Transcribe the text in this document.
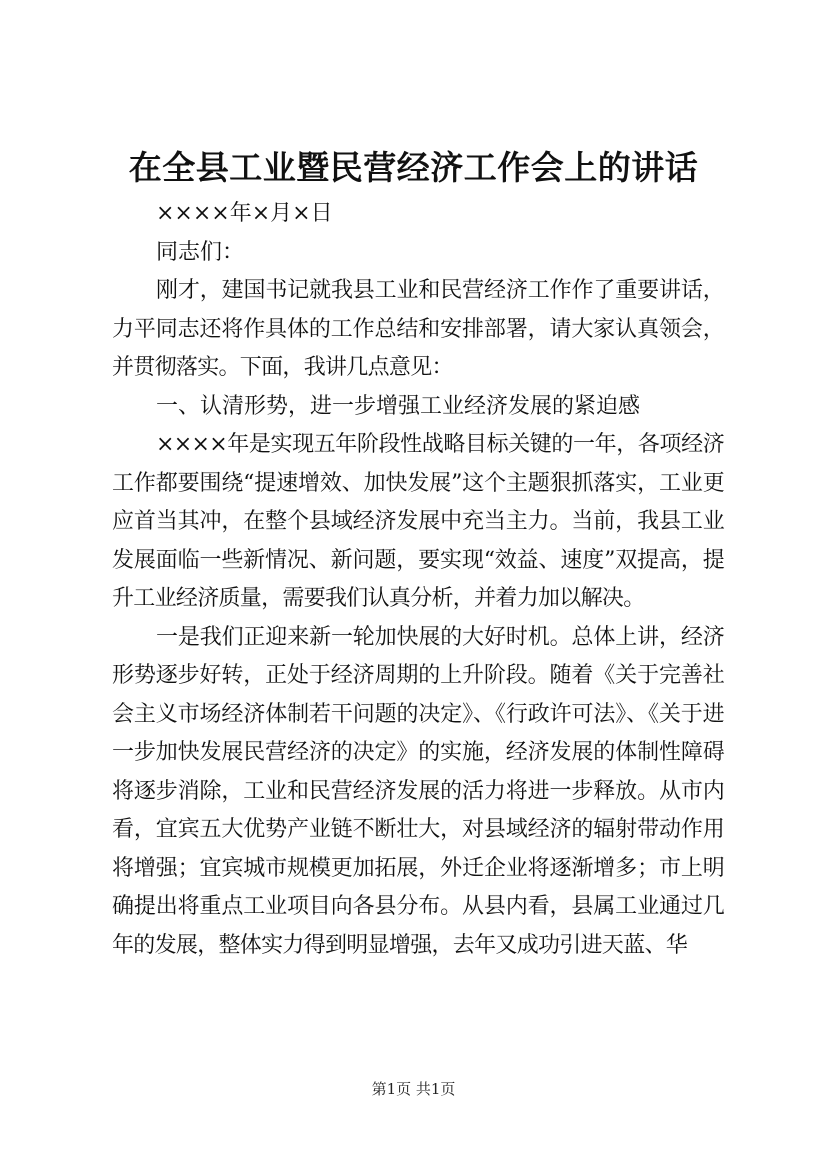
在全县工业暨民营经济工作会上的讲话

××××年×月×日

同志们：

刚才，建国书记就我县工业和民营经济工作作了重要讲话，力平同志还将作具体的工作总结和安排部署，请大家认真领会，并贯彻落实。下面，我讲几点意见：

一、认清形势，进一步增强工业经济发展的紧迫感

××××年是实现五年阶段性战略目标关键的一年，各项经济工作都要围绕“提速增效、加快发展”这个主题狠抓落实，工业更应首当其冲，在整个县域经济发展中充当主力。当前，我县工业发展面临一些新情况、新问题，要实现“效益、速度”双提高，提升工业经济质量，需要我们认真分析，并着力加以解决。

一是我们正迎来新一轮加快展的大好时机。总体上讲，经济形势逐步好转，正处于经济周期的上升阶段。随着《关于完善社会主义市场经济体制若干问题的决定》、《行政许可法》、《关于进一步加快发展民营经济的决定》的实施，经济发展的体制性障碍将逐步消除，工业和民营经济发展的活力将进一步释放。从市内看，宜宾五大优势产业链不断壮大，对县域经济的辐射带动作用将增强；宜宾城市规模更加拓展，外迁企业将逐渐增多；市上明确提出将重点工业项目向各县分布。从县内看，县属工业通过几年的发展，整体实力得到明显增强，去年又成功引进天蓝、华

第1页 共1页
